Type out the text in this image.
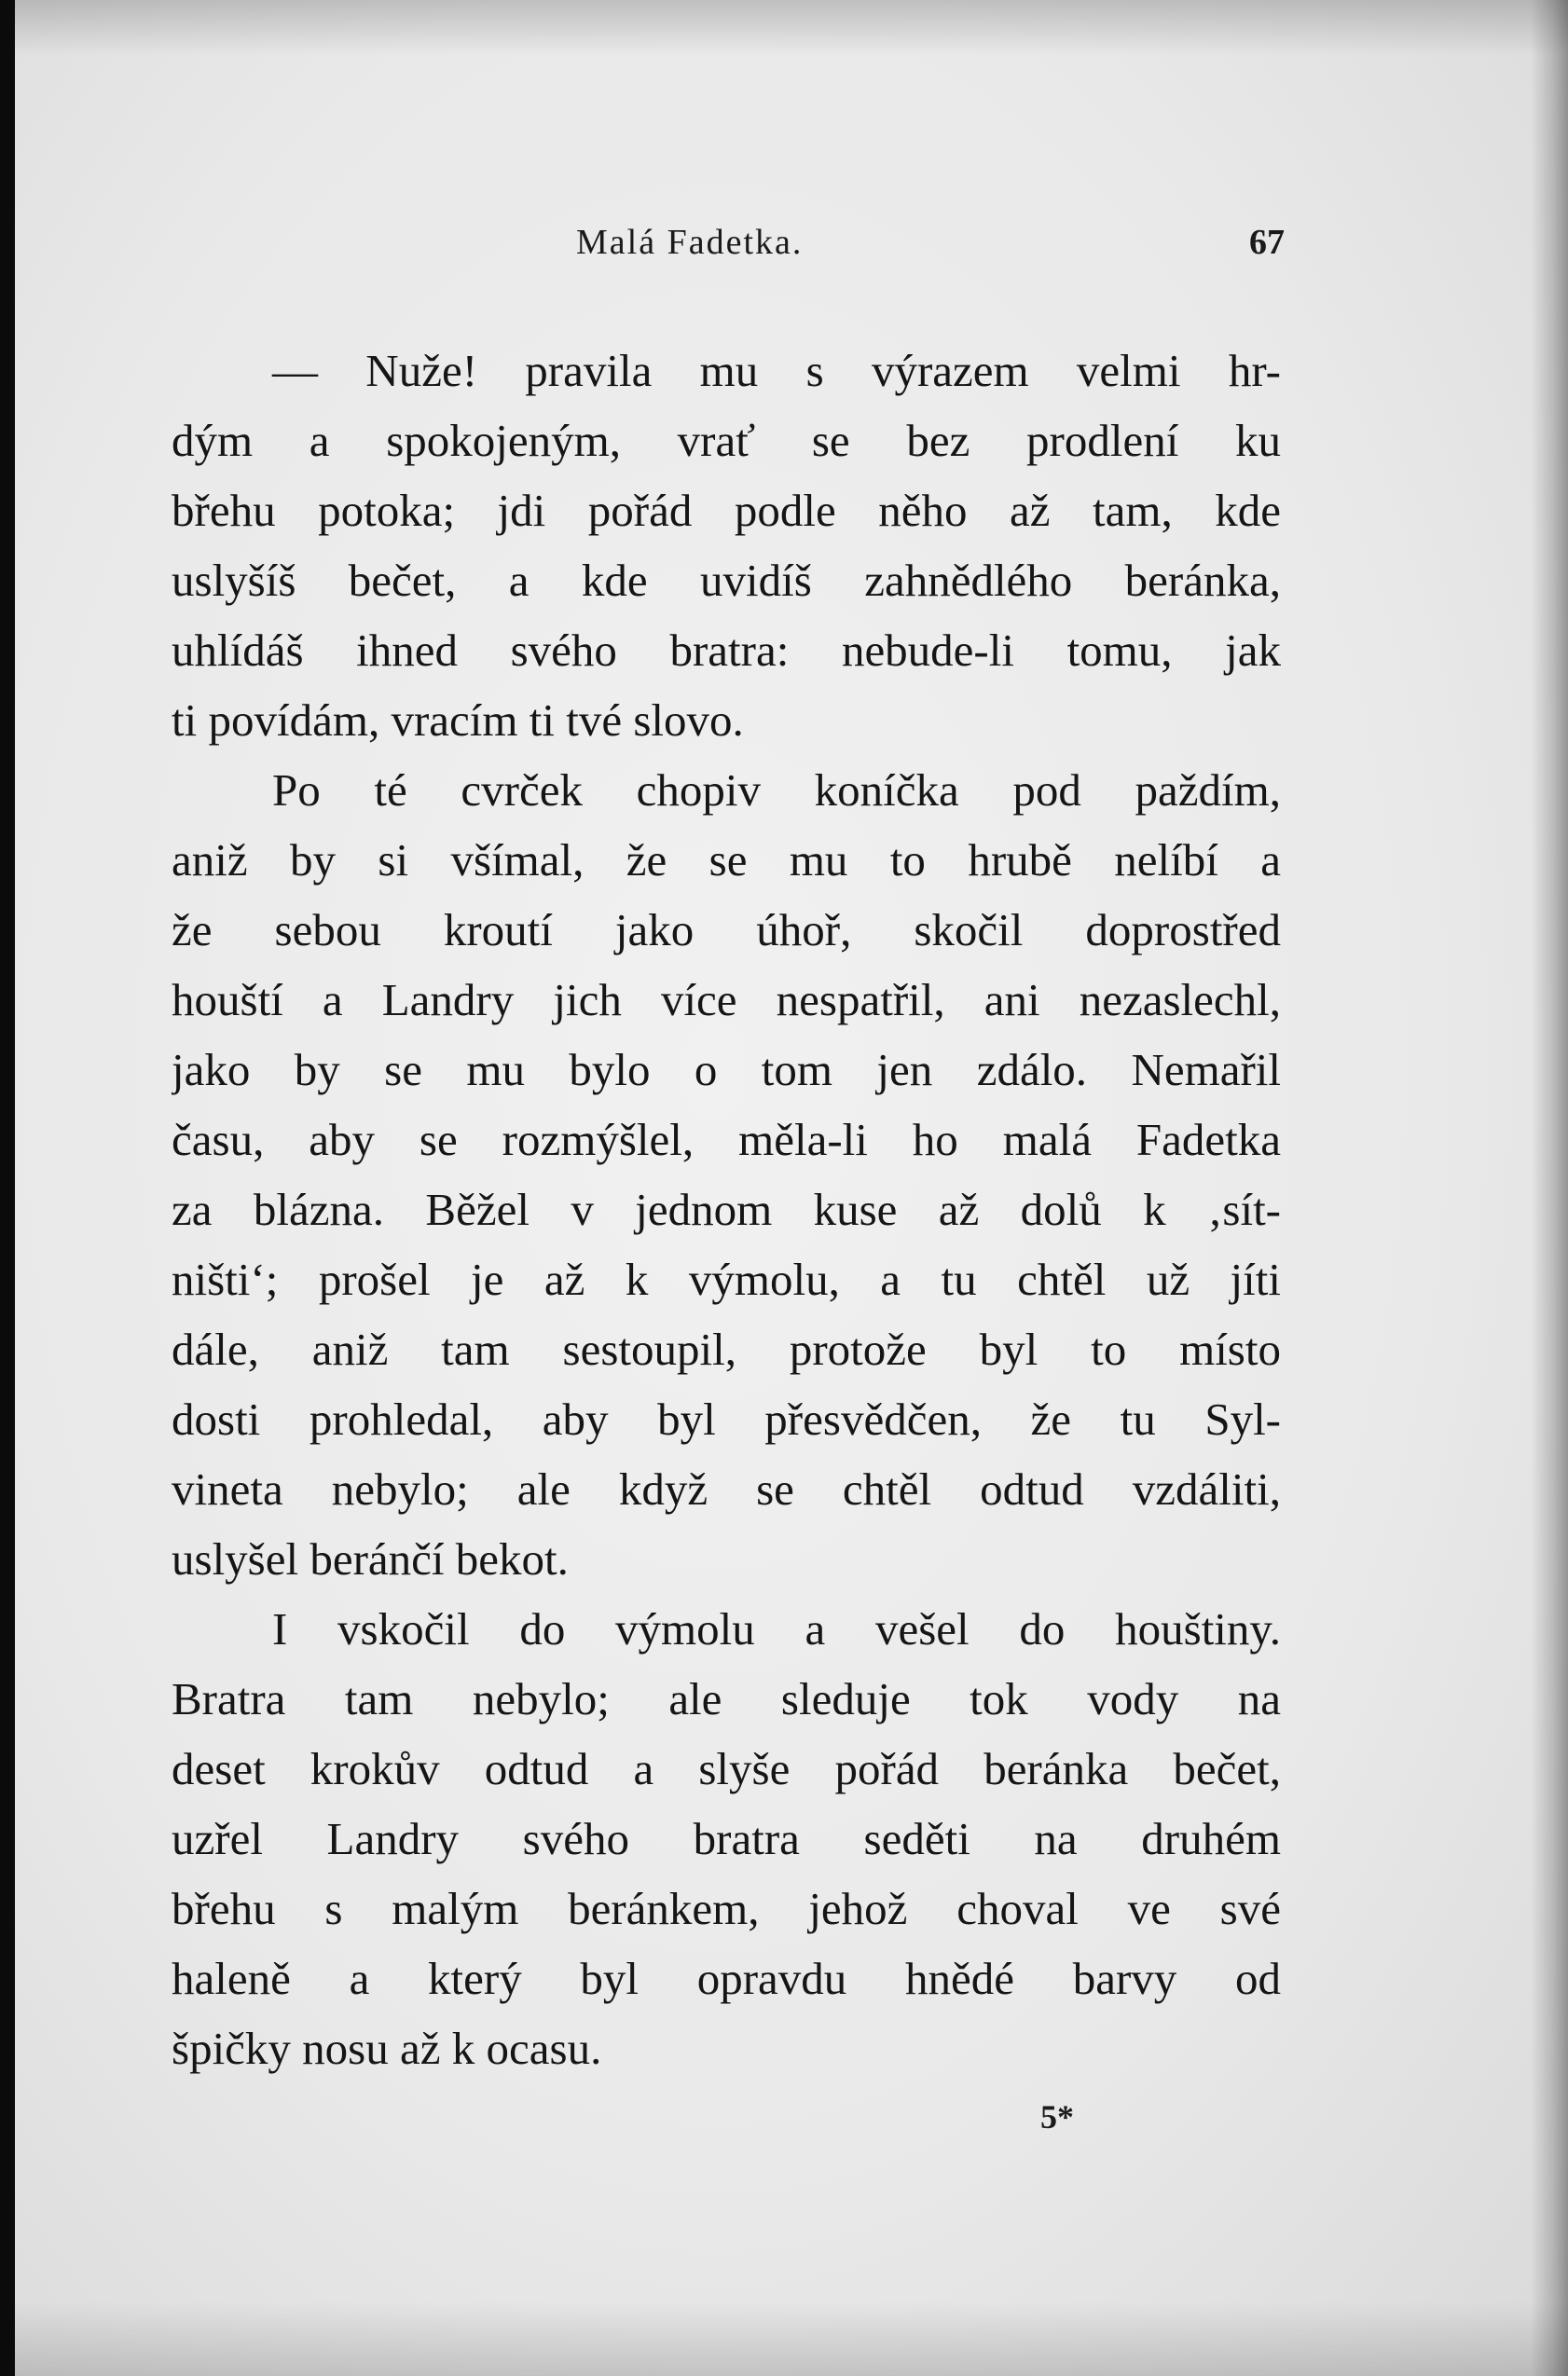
Malá Fadetka.	67
— Nuže! pravila mu s výrazem velmi hr-
dým a spokojeným, vrať se bez prodlení ku
břehu potoka; jdi pořád podle něho až tam, kde
uslyšíš bečet, a kde uvidíš zahnědlého beránka,
uhlídáš ihned svého bratra: nebude-li tomu, jak
ti povídám, vracím ti tvé slovo.
Po té cvrček chopiv koníčka pod paždím,
aniž by si všímal, že se mu to hrubě nelíbí a
že sebou kroutí jako úhoř, skočil doprostřed
houští a Landry jich více nespatřil, ani nezaslechl,
jako by se mu bylo o tom jen zdálo. Nemařil
času, aby se rozmýšlel, měla-li ho malá Fadetka
za blázna. Běžel v jednom kuse až dolů k ‚sít-
ništi‘; prošel je až k výmolu, a tu chtěl už jíti
dále, aniž tam sestoupil, protože byl to místo
dosti prohledal, aby byl přesvědčen, že tu Syl-
vineta nebylo; ale když se chtěl odtud vzdáliti,
uslyšel beránčí bekot.
I vskočil do výmolu a vešel do houštiny.
Bratra tam nebylo; ale sleduje tok vody na
deset krokův odtud a slyše pořád beránka bečet,
uzřel Landry svého bratra seděti na druhém
břehu s malým beránkem, jehož choval ve své
haleně a který byl opravdu hnědé barvy od
špičky nosu až k ocasu.
5*
